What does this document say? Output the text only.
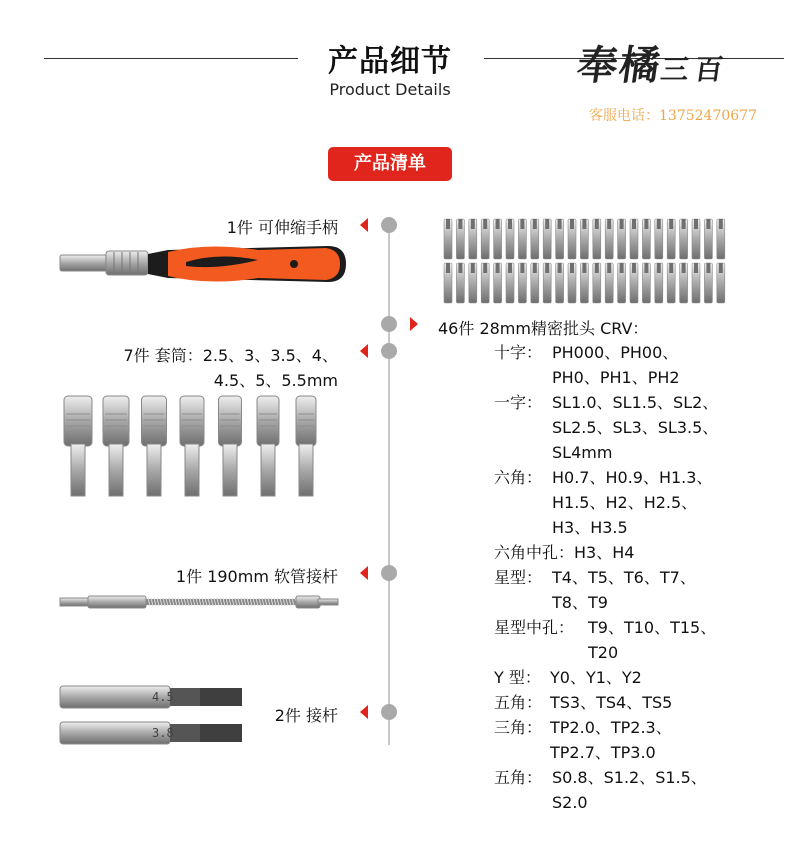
产品细节
Product Details
奉橘三百
客服电话：13752470677
产品清单
1件 可伸缩手柄
7件 套筒：2.5、3、3.5、4、
4.5、5、5.5mm
1件 190mm 软管接杆
2件 接杆
46件 28mm精密批头 CRV：
十字： PH000、PH00、
PH0、PH1、PH2
一字： SL1.0、SL1.5、SL2、
SL2.5、SL3、SL3.5、
SL4mm
六角： H0.7、H0.9、H1.3、
H1.5、H2、H2.5、
H3、H3.5
六角中孔：H3、H4
星型： T4、T5、T6、T7、
T8、T9
星型中孔： T9、T10、T15、
T20
Y 型： Y0、Y1、Y2
五角： TS3、TS4、TS5
三角： TP2.0、TP2.3、
TP2.7、TP3.0
五角： S0.8、S1.2、S1.5、
S2.0
4.5
3.8
